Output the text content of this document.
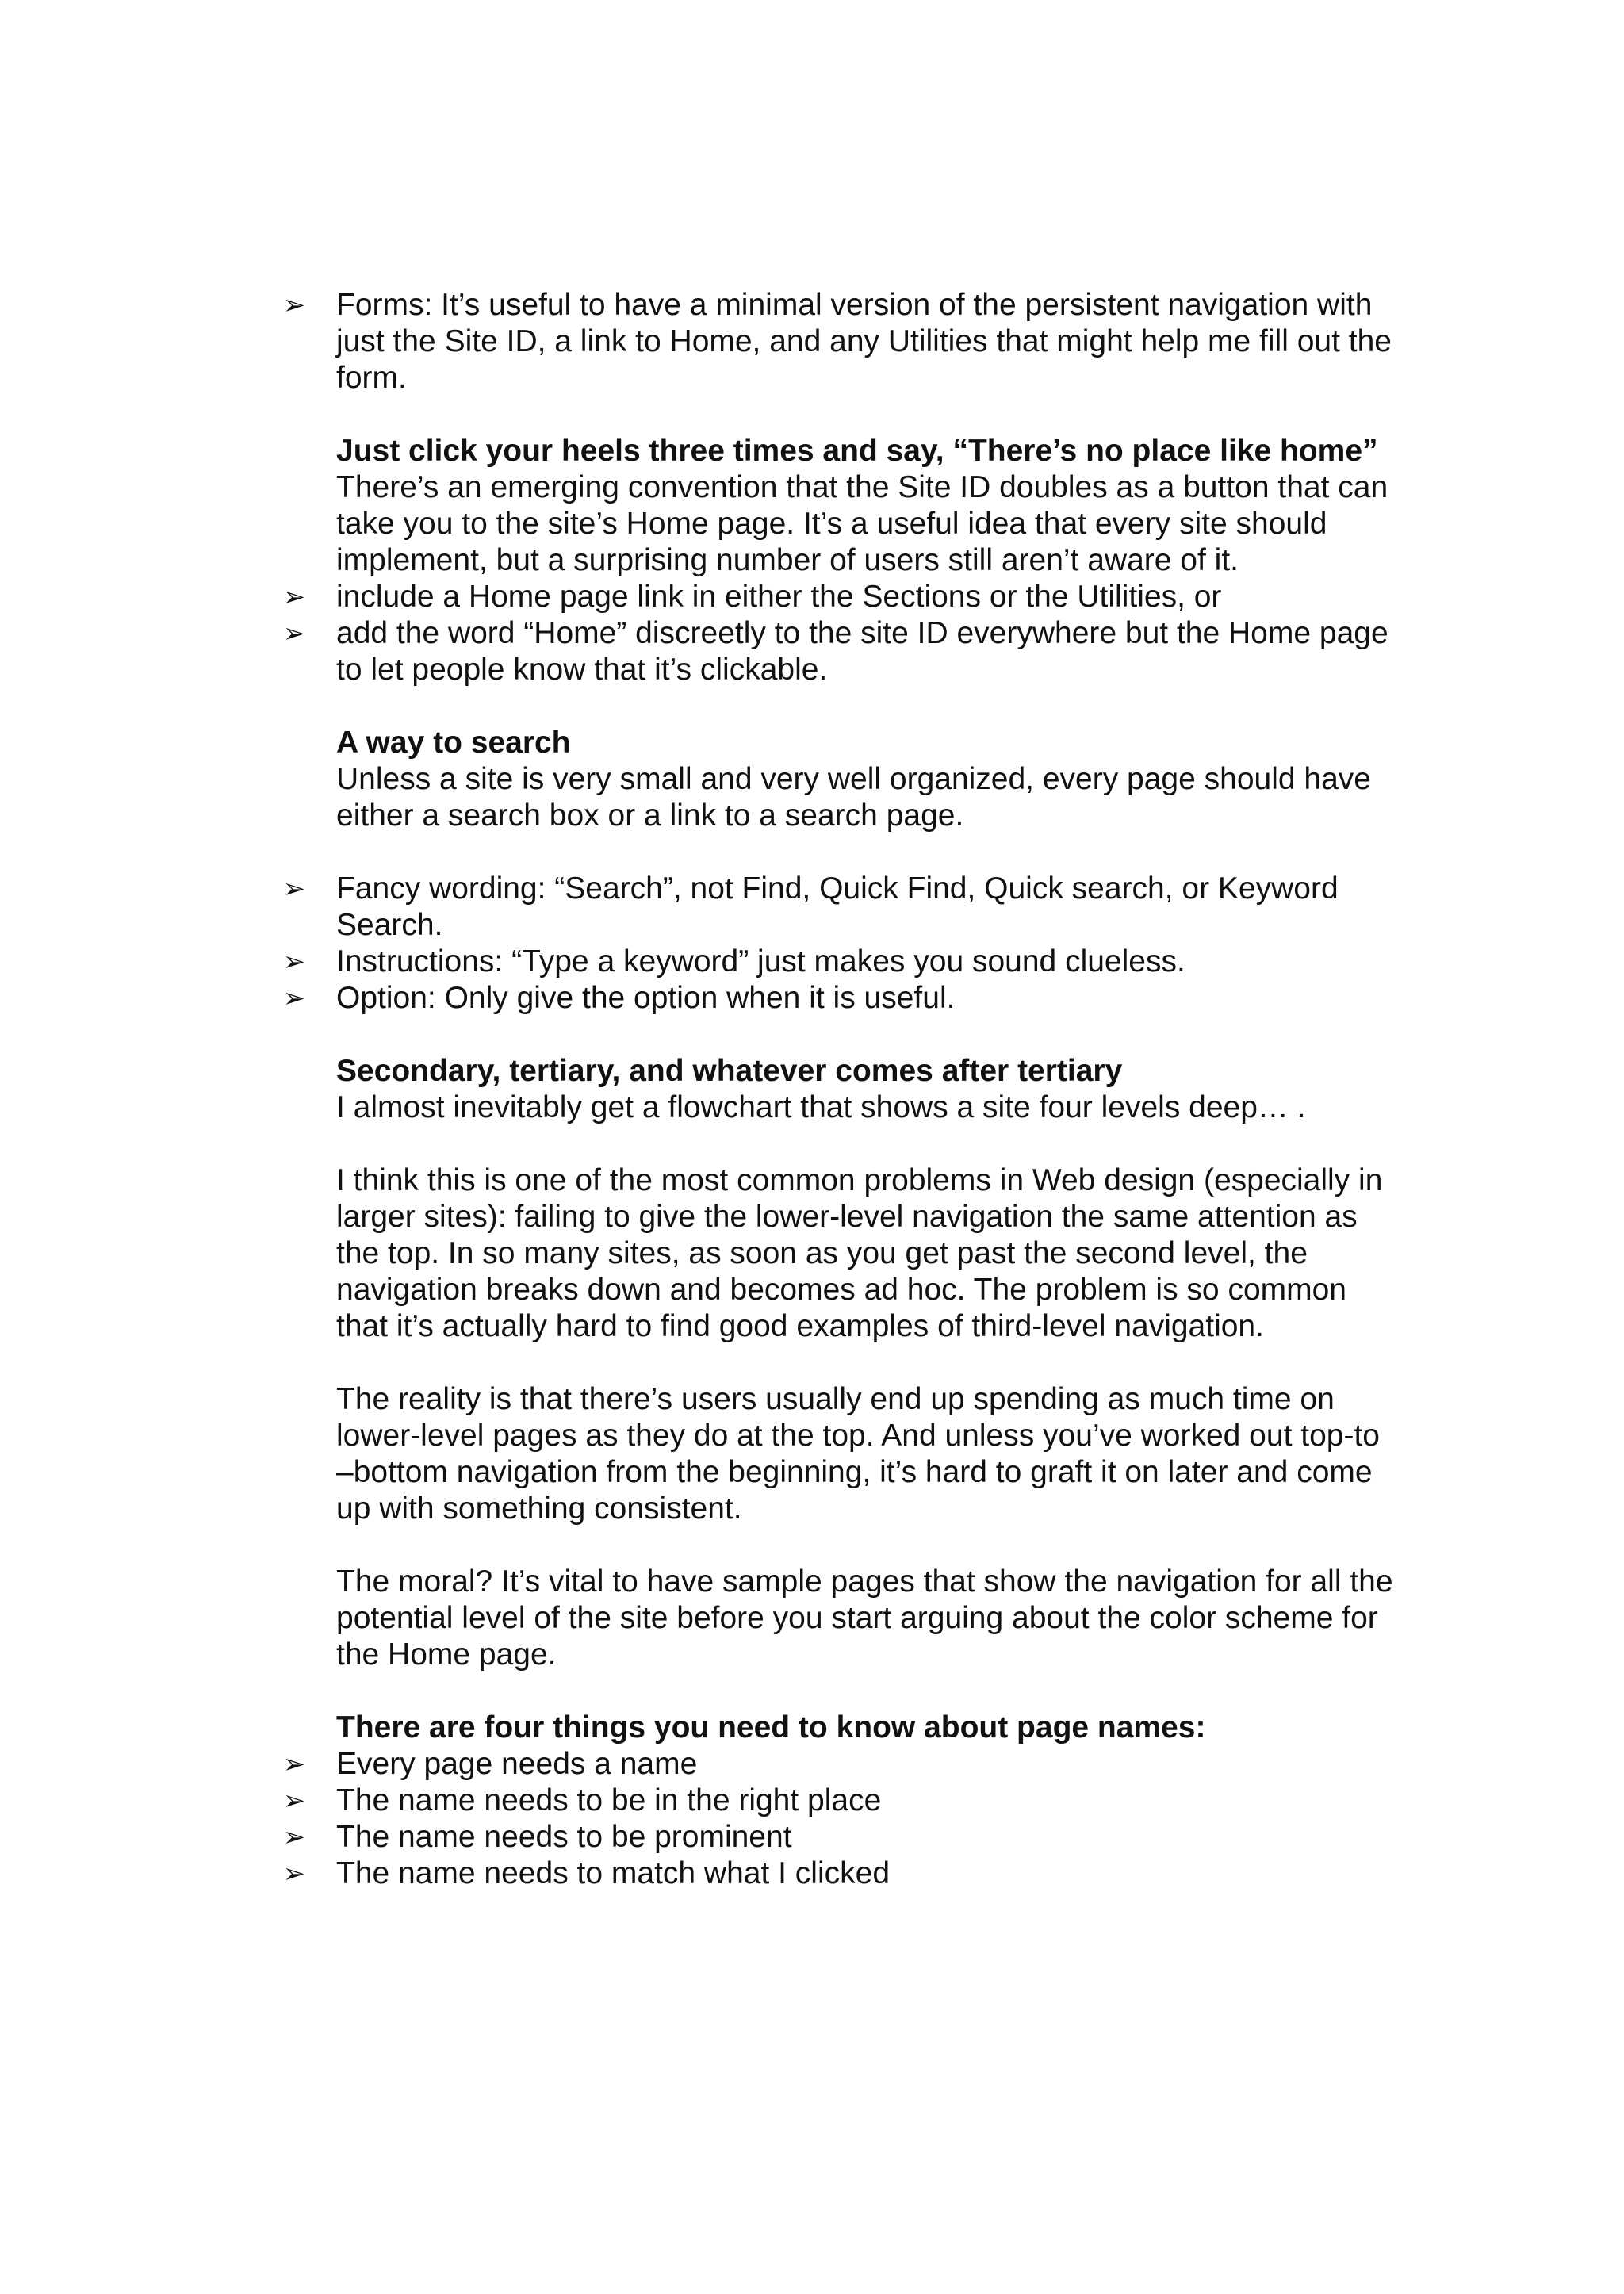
➢ Forms: It’s useful to have a minimal version of the persistent navigation with just the Site ID, a link to Home, and any Utilities that might help me fill out the form.

Just click your heels three times and say, “There’s no place like home”

There’s an emerging convention that the Site ID doubles as a button that can take you to the site’s Home page. It’s a useful idea that every site should implement, but a surprising number of users still aren’t aware of it.

➢ include a Home page link in either the Sections or the Utilities, or

➢ add the word “Home” discreetly to the site ID everywhere but the Home page to let people know that it’s clickable.

A way to search

Unless a site is very small and very well organized, every page should have either a search box or a link to a search page.

➢ Fancy wording: “Search”, not Find, Quick Find, Quick search, or Keyword Search.

➢ Instructions: “Type a keyword” just makes you sound clueless.

➢ Option: Only give the option when it is useful.

Secondary, tertiary, and whatever comes after tertiary

I almost inevitably get a flowchart that shows a site four levels deep… .

I think this is one of the most common problems in Web design (especially in larger sites): failing to give the lower-level navigation the same attention as the top. In so many sites, as soon as you get past the second level, the navigation breaks down and becomes ad hoc. The problem is so common that it’s actually hard to find good examples of third-level navigation.

The reality is that there’s users usually end up spending as much time on lower-level pages as they do at the top. And unless you’ve worked out top-to –bottom navigation from the beginning, it’s hard to graft it on later and come up with something consistent.

The moral? It’s vital to have sample pages that show the navigation for all the potential level of the site before you start arguing about the color scheme for the Home page.

There are four things you need to know about page names:

➢ Every page needs a name

➢ The name needs to be in the right place

➢ The name needs to be prominent

➢ The name needs to match what I clicked
